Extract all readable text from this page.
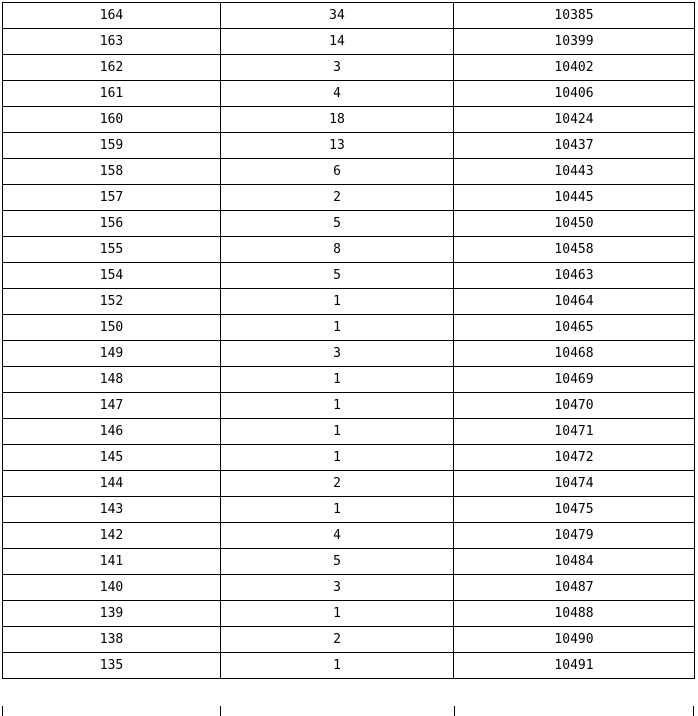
164	34	10385
163	14	10399
162	3	10402
161	4	10406
160	18	10424
159	13	10437
158	6	10443
157	2	10445
156	5	10450
155	8	10458
154	5	10463
152	1	10464
150	1	10465
149	3	10468
148	1	10469
147	1	10470
146	1	10471
145	1	10472
144	2	10474
143	1	10475
142	4	10479
141	5	10484
140	3	10487
139	1	10488
138	2	10490
135	1	10491
